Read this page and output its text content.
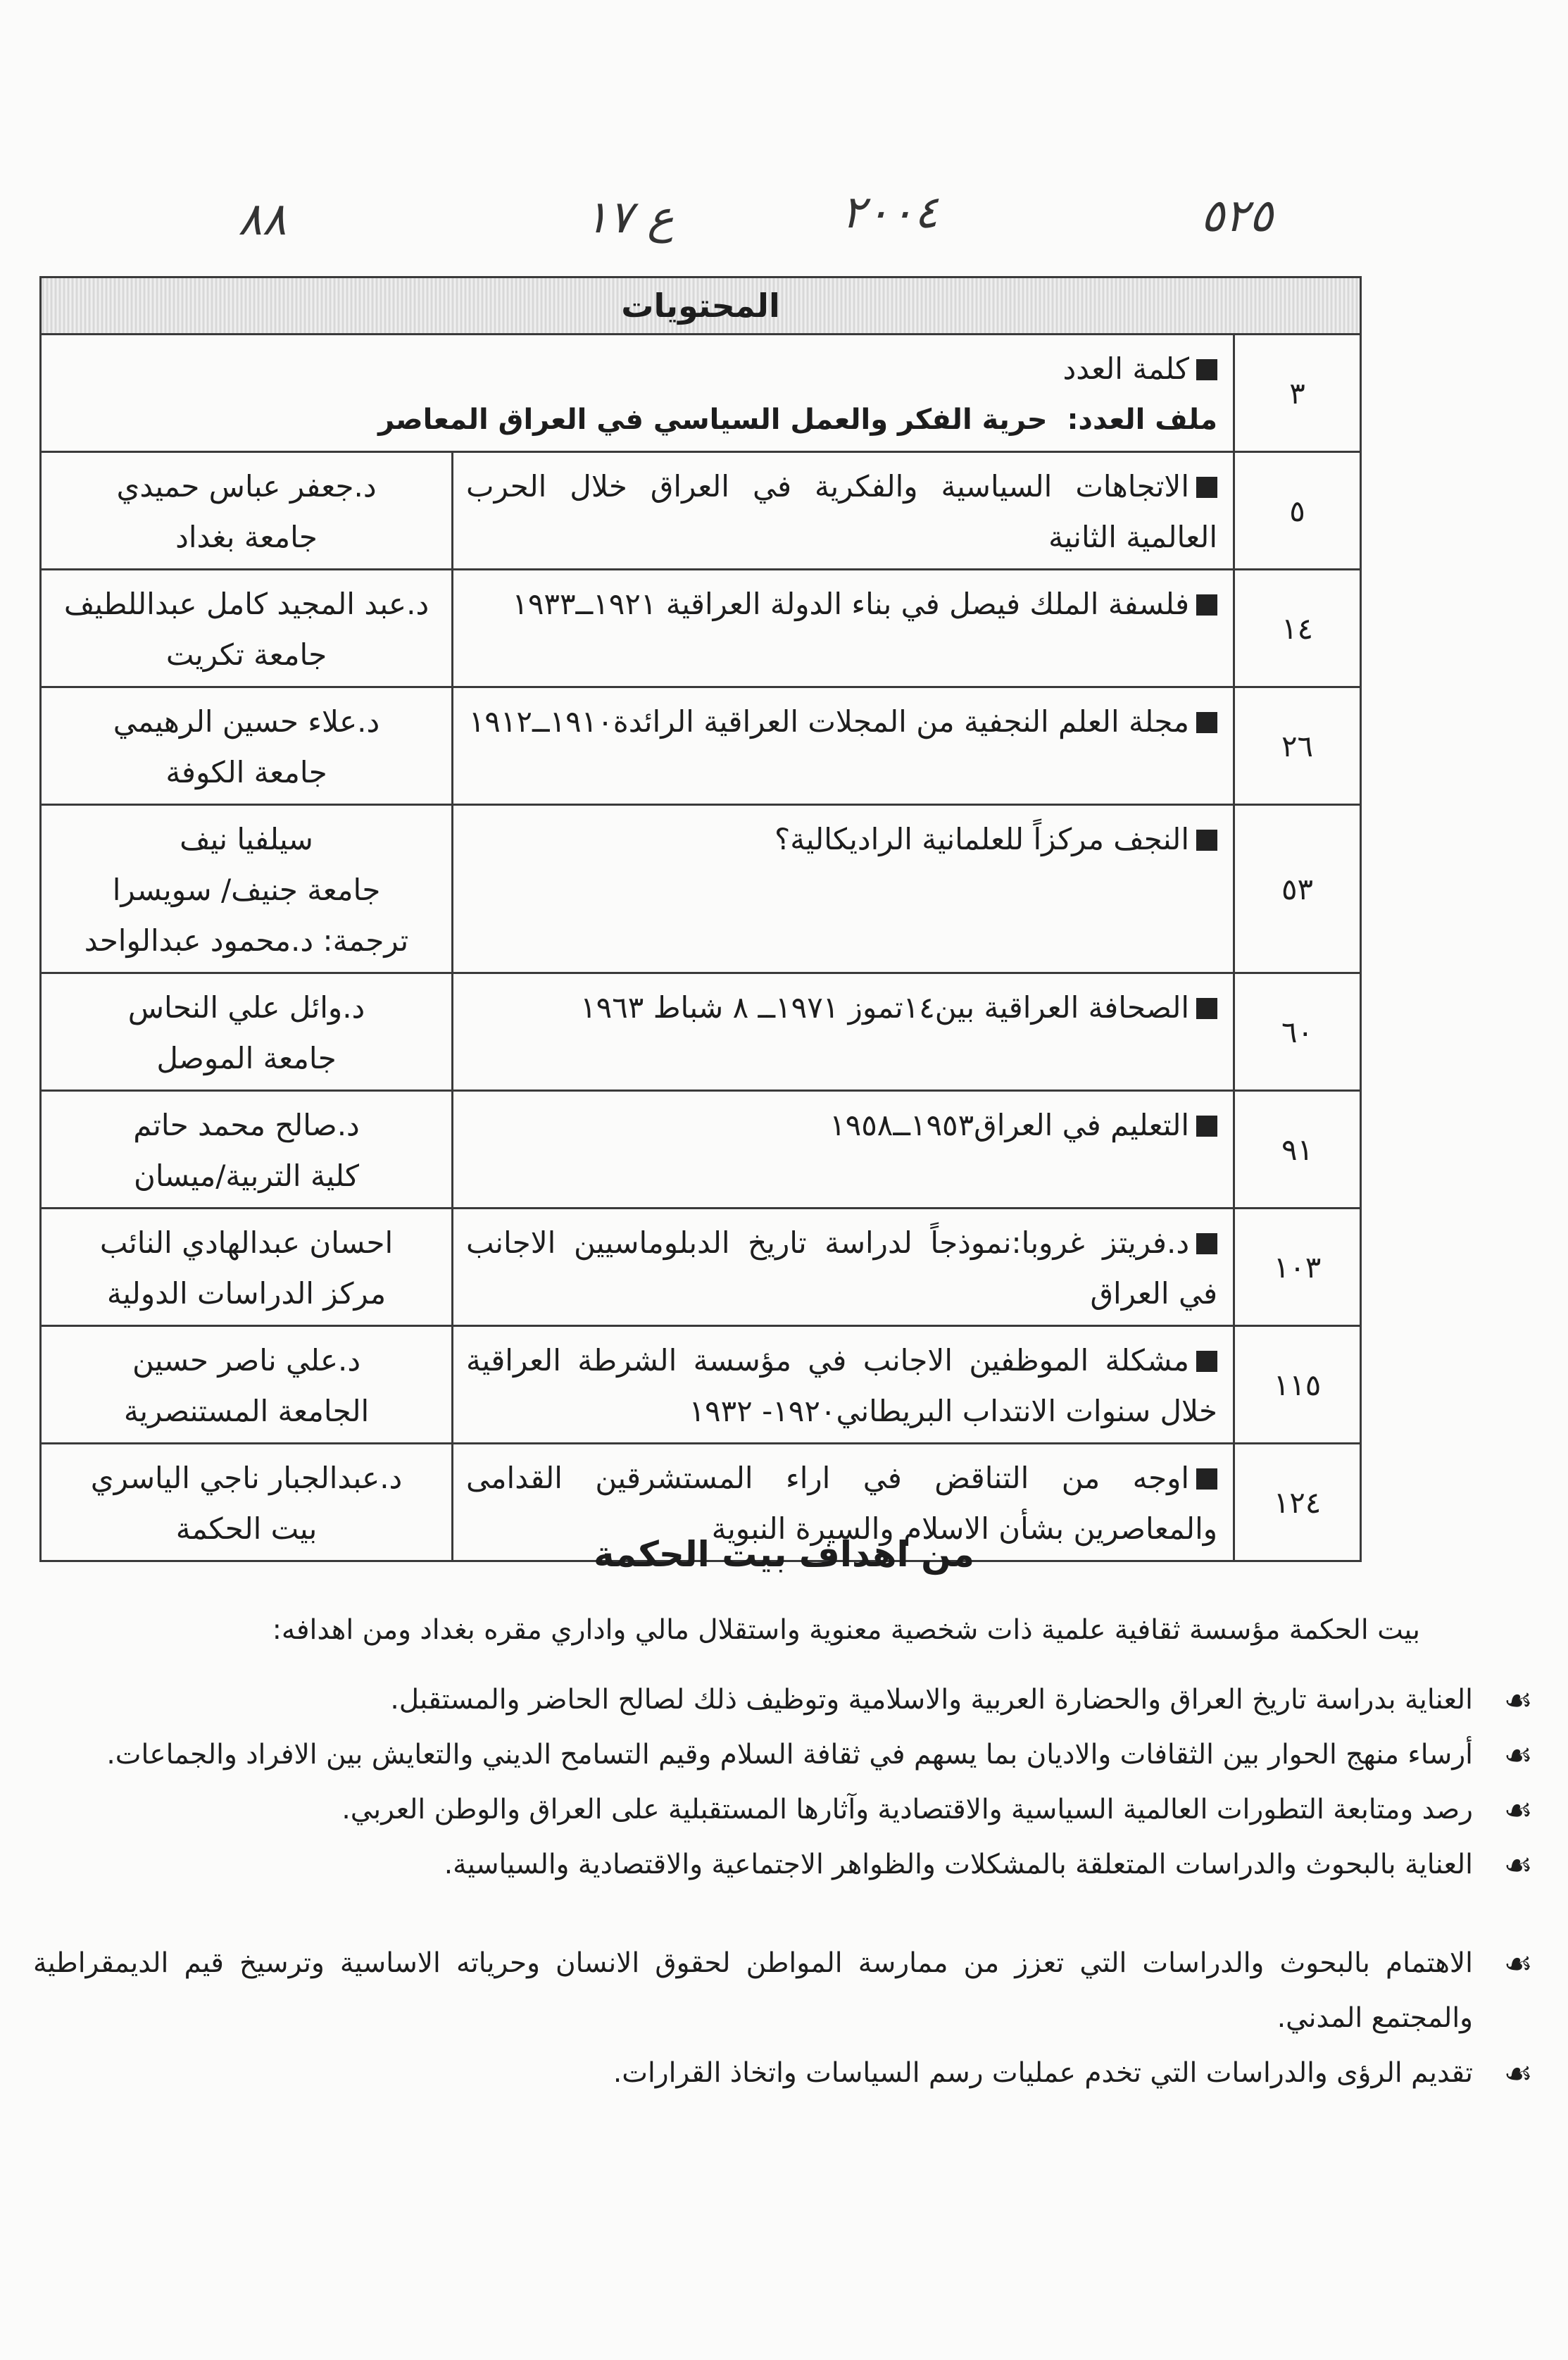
٥٢٥
٢٠٠٤
ع ١٧
٨٨
المحتويات		
٣	كلمة العدد
ملف العدد:  حرية الفكر والعمل السياسي في العراق المعاصر	

٥	الاتجاهات السياسية والفكرية في العراق خلال الحرب العالمية الثانية	د.جعفر عباس حميدي
جامعة بغداد

١٤	فلسفة الملك فيصل في بناء الدولة العراقية ١٩٢١ــ١٩٣٣	د.عبد المجيد كامل عبداللطيف
جامعة تكريت

٢٦	مجلة العلم النجفية من المجلات العراقية الرائدة١٩١٠ــ١٩١٢	د.علاء حسين الرهيمي
جامعة الكوفة

٥٣	النجف مركزاً للعلمانية الراديكالية؟	سيلفيا نيف
جامعة جنيف/ سويسرا
ترجمة: د.محمود عبدالواحد

٦٠	الصحافة العراقية بين١٤تموز ١٩٧١ــ ٨ شباط ١٩٦٣	د.وائل علي النحاس
جامعة الموصل

٩١	التعليم في العراق١٩٥٣ــ١٩٥٨	د.صالح محمد حاتم
كلية التربية/ميسان

١٠٣	د.فريتز غروبا:نموذجاً لدراسة تاريخ الدبلوماسيين الاجانب في العراق	احسان عبدالهادي النائب
مركز الدراسات الدولية

١١٥	مشكلة الموظفين الاجانب في مؤسسة الشرطة العراقية خلال سنوات الانتداب البريطاني١٩٢٠- ١٩٣٢	د.علي ناصر حسين
الجامعة المستنصرية

١٢٤	اوجه من التناقض في اراء المستشرقين القدامى والمعاصرين بشأن الاسلام والسيرة النبوية	د.عبدالجبار ناجي الياسري
بيت الحكمة
من اهداف بيت الحكمة
بيت الحكمة مؤسسة ثقافية علمية ذات شخصية معنوية واستقلال مالي واداري مقره بغداد ومن اهدافه:
☙
العناية بدراسة تاريخ العراق والحضارة العربية والاسلامية وتوظيف ذلك لصالح الحاضر والمستقبل.
☙
أرساء منهج الحوار بين الثقافات والاديان بما يسهم في ثقافة السلام وقيم التسامح الديني والتعايش بين الافراد والجماعات.
☙
رصد ومتابعة التطورات العالمية السياسية والاقتصادية وآثارها المستقبلية على العراق والوطن العربي.
☙
العناية بالبحوث والدراسات المتعلقة بالمشكلات والظواهر الاجتماعية والاقتصادية والسياسية.
☙
الاهتمام بالبحوث والدراسات التي تعزز من ممارسة المواطن لحقوق الانسان وحرياته الاساسية وترسيخ قيم الديمقراطية والمجتمع المدني.
☙
تقديم الرؤى والدراسات التي تخدم عمليات رسم السياسات واتخاذ القرارات.
